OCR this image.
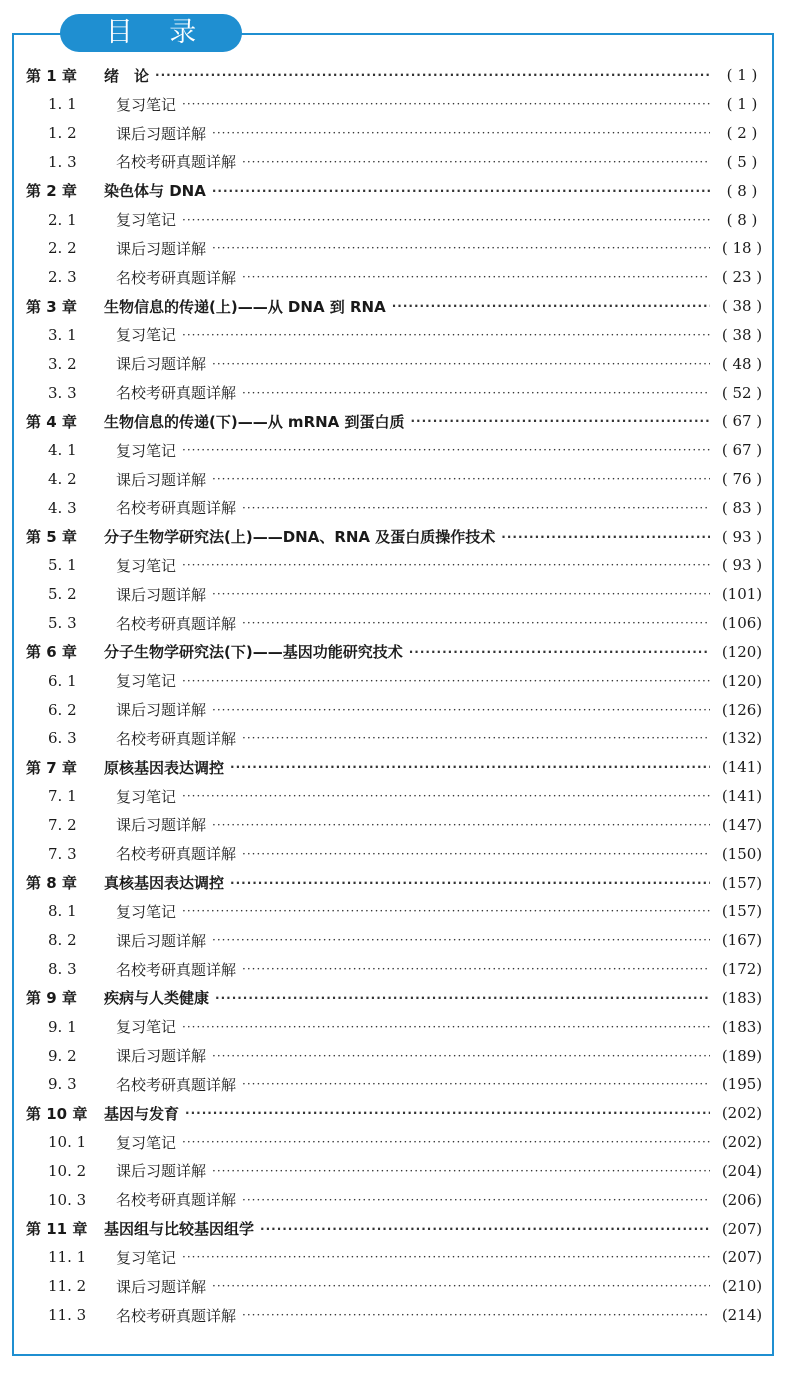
目 录
第 1 章	绪　论 ·····	( 1 )
1. 1	复习笔记 ·····	( 1 )
1. 2	课后习题详解 ·····	( 2 )
1. 3	名校考研真题详解 ·····	( 5 )
第 2 章	染色体与 DNA ·····	( 8 )
2. 1	复习笔记 ·····	( 8 )
2. 2	课后习题详解 ·····	( 18 )
2. 3	名校考研真题详解 ·····	( 23 )
第 3 章	生物信息的传递(上)——从 DNA 到 RNA ·····	( 38 )
3. 1	复习笔记 ·····	( 38 )
3. 2	课后习题详解 ·····	( 48 )
3. 3	名校考研真题详解 ·····	( 52 )
第 4 章	生物信息的传递(下)——从 mRNA 到蛋白质 ·····	( 67 )
4. 1	复习笔记 ·····	( 67 )
4. 2	课后习题详解 ·····	( 76 )
4. 3	名校考研真题详解 ·····	( 83 )
第 5 章	分子生物学研究法(上)——DNA、RNA 及蛋白质操作技术 ·····	( 93 )
5. 1	复习笔记 ·····	( 93 )
5. 2	课后习题详解 ·····	(101)
5. 3	名校考研真题详解 ·····	(106)
第 6 章	分子生物学研究法(下)——基因功能研究技术 ·····	(120)
6. 1	复习笔记 ·····	(120)
6. 2	课后习题详解 ·····	(126)
6. 3	名校考研真题详解 ·····	(132)
第 7 章	原核基因表达调控 ·····	(141)
7. 1	复习笔记 ·····	(141)
7. 2	课后习题详解 ·····	(147)
7. 3	名校考研真题详解 ·····	(150)
第 8 章	真核基因表达调控 ·····	(157)
8. 1	复习笔记 ·····	(157)
8. 2	课后习题详解 ·····	(167)
8. 3	名校考研真题详解 ·····	(172)
第 9 章	疾病与人类健康 ·····	(183)
9. 1	复习笔记 ·····	(183)
9. 2	课后习题详解 ·····	(189)
9. 3	名校考研真题详解 ·····	(195)
第 10 章	基因与发育 ·····	(202)
10. 1	复习笔记 ·····	(202)
10. 2	课后习题详解 ·····	(204)
10. 3	名校考研真题详解 ·····	(206)
第 11 章	基因组与比较基因组学 ·····	(207)
11. 1	复习笔记 ·····	(207)
11. 2	课后习题详解 ·····	(210)
11. 3	名校考研真题详解 ·····	(214)
